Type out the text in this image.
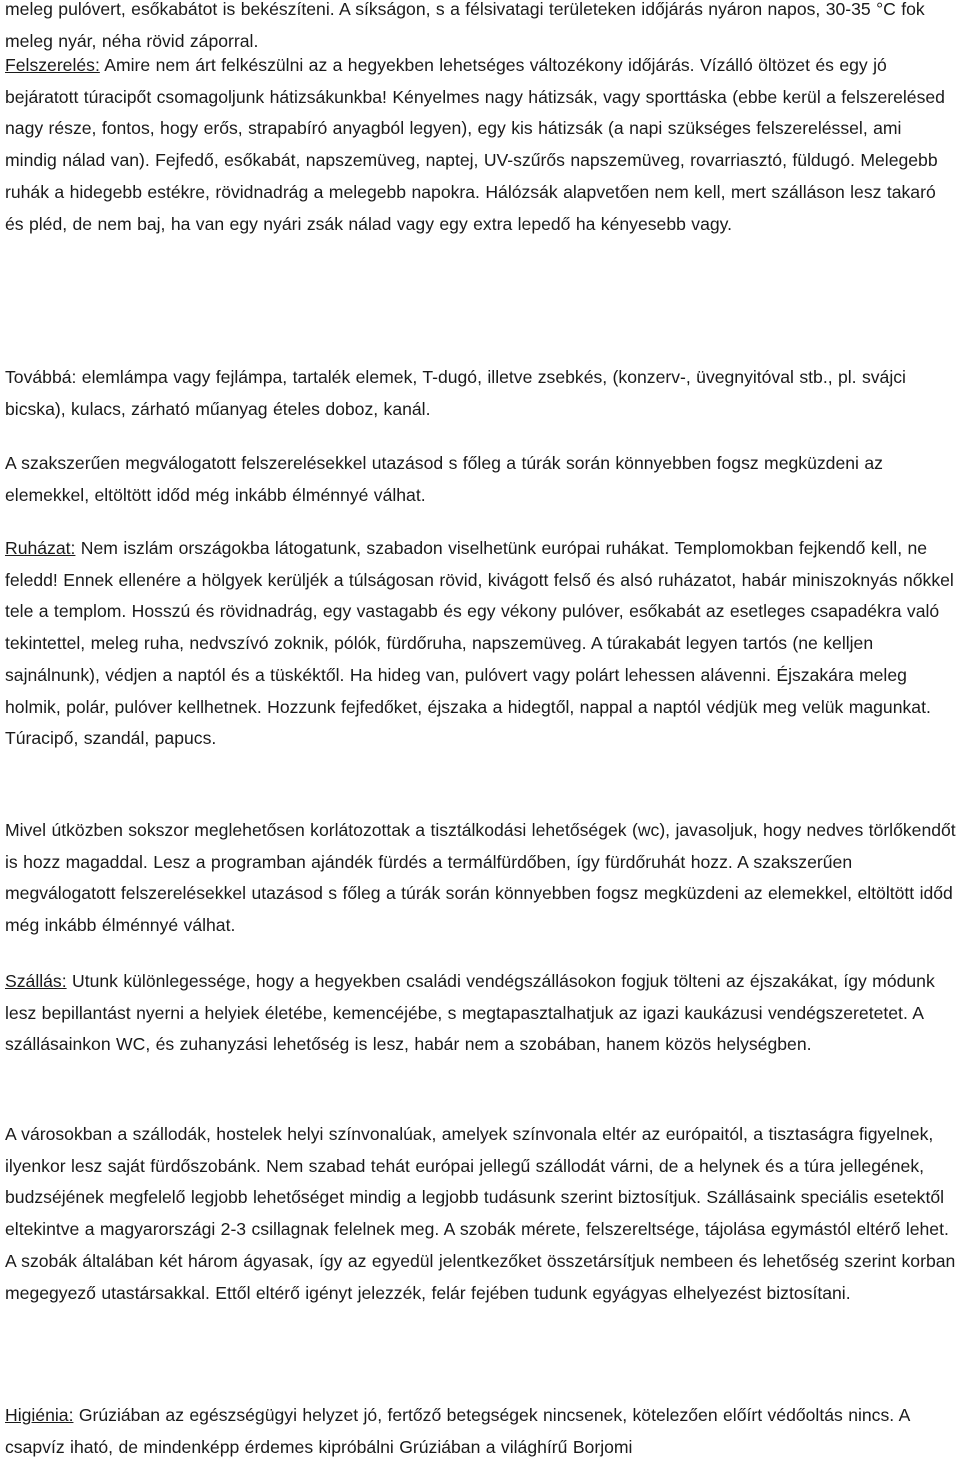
meleg pulóvert, esőkabátot is bekészíteni. A síkságon, s a félsivatagi területeken időjárás nyáron napos, 30-35 °C fok meleg nyár, néha rövid záporral.

Felszerelés: Amire nem árt felkészülni az a hegyekben lehetséges változékony időjárás. Vízálló öltözet és egy jó bejáratott túracipőt csomagoljunk hátizsákunkba! Kényelmes nagy hátizsák, vagy sporttáska (ebbe kerül a felszerelésed nagy része, fontos, hogy erős, strapabíró anyagból legyen), egy kis hátizsák (a napi szükséges felszereléssel, ami mindig nálad van). Fejfedő, esőkabát, napszemüveg, naptej, UV-szűrős napszemüveg, rovarriasztó, füldugó. Melegebb ruhák a hidegebb estékre, rövidnadrág a melegebb napokra. Hálózsák alapvetően nem kell, mert szálláson lesz takaró és pléd, de nem baj, ha van egy nyári zsák nálad vagy egy extra lepedő ha kényesebb vagy.

Továbbá: elemlámpa vagy fejlámpa, tartalék elemek, T-dugó, illetve zsebkés, (konzerv-, üvegnyitóval stb., pl. svájci bicska), kulacs, zárható műanyag ételes doboz, kanál.

A szakszerűen megválogatott felszerelésekkel utazásod s főleg a túrák során könnyebben fogsz megküzdeni az elemekkel, eltöltött időd még inkább élménnyé válhat.

Ruházat: Nem iszlám országokba látogatunk, szabadon viselhetünk európai ruhákat. Templomokban fejkendő kell, ne feledd! Ennek ellenére a hölgyek kerüljék a túlságosan rövid, kivágott felső és alsó ruházatot, habár miniszoknyás nőkkel tele a templom. Hosszú és rövidnadrág, egy vastagabb és egy vékony pulóver, esőkabát az esetleges csapadékra való tekintettel, meleg ruha, nedvszívó zoknik, pólók, fürdőruha, napszemüveg. A túrakabát legyen tartós (ne kelljen sajnálnunk), védjen a naptól és a tüskéktől. Ha hideg van, pulóvert vagy polárt lehessen alávenni. Éjszakára meleg holmik, polár, pulóver kellhetnek. Hozzunk fejfedőket, éjszaka a hidegtől, nappal a naptól védjük meg velük magunkat. Túracipő, szandál, papucs.

Mivel útközben sokszor meglehetősen korlátozottak a tisztálkodási lehetőségek (wc), javasoljuk, hogy nedves törlőkendőt is hozz magaddal. Lesz a programban ajándék fürdés a termálfürdőben, így fürdőruhát hozz. A szakszerűen megválogatott felszerelésekkel utazásod s főleg a túrák során könnyebben fogsz megküzdeni az elemekkel, eltöltött időd még inkább élménnyé válhat.

Szállás: Utunk különlegessége, hogy a hegyekben családi vendégszállásokon fogjuk tölteni az éjszakákat, így módunk lesz bepillantást nyerni a helyiek életébe, kemencéjébe, s megtapasztalhatjuk az igazi kaukázusi vendégszeretetet. A szállásainkon WC, és zuhanyzási lehetőség is lesz, habár nem a szobában, hanem közös helységben.

A városokban a szállodák, hostelek helyi színvonalúak, amelyek színvonala eltér az európaitól, a tisztaságra figyelnek, ilyenkor lesz saját fürdőszobánk. Nem szabad tehát európai jellegű szállodát várni, de a helynek és a túra jellegének, budzséjének megfelelő legjobb lehetőséget mindig a legjobb tudásunk szerint biztosítjuk. Szállásaink speciális esetektől eltekintve a magyarországi 2-3 csillagnak felelnek meg. A szobák mérete, felszereltsége, tájolása egymástól eltérő lehet. A szobák általában két három ágyasak, így az egyedül jelentkezőket összetársítjuk nembeen és lehetőség szerint korban megegyező utastársakkal. Ettől eltérő igényt jelezzék, felár fejében tudunk egyágyas elhelyezést biztosítani.

Higiénia: Grúziában az egészségügyi helyzet jó, fertőző betegségek nincsenek, kötelezően előírt védőoltás nincs. A csapvíz iható, de mindenképp érdemes kipróbálni Grúziában a világhírű Borjomi
